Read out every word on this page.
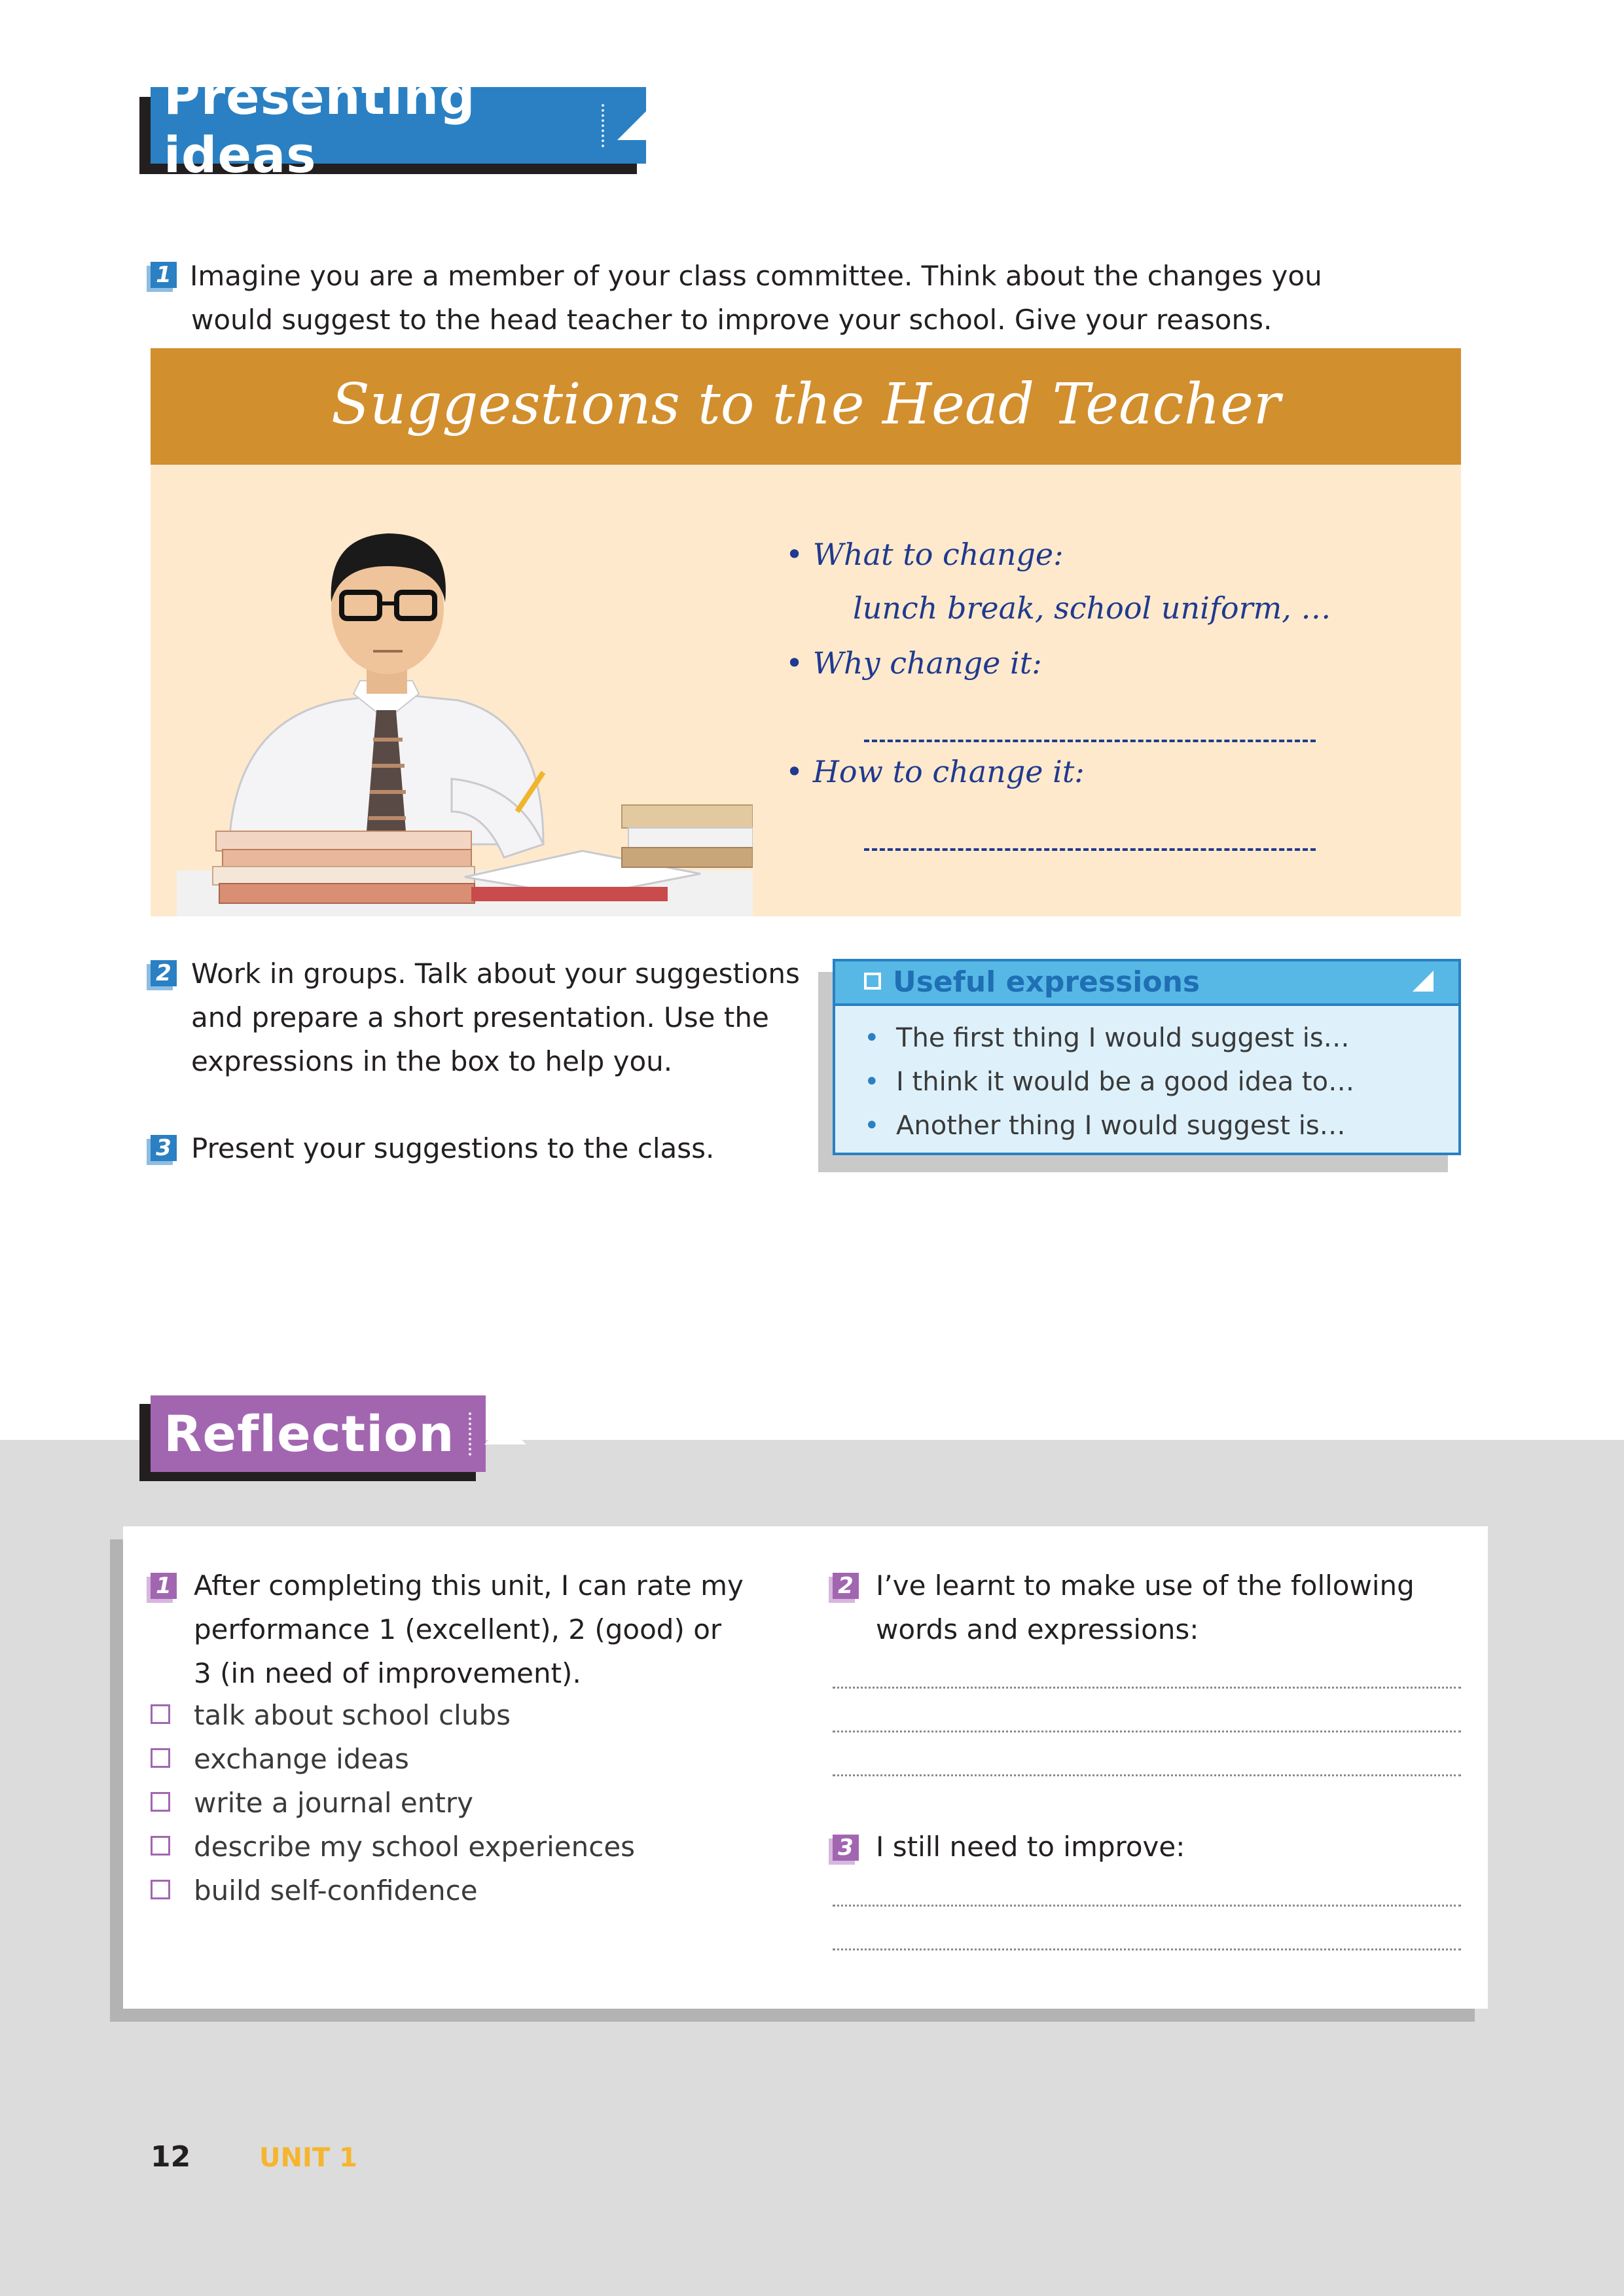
Presenting ideas
1 Imagine you are a member of your class committee. Think about the changes you
would suggest to the head teacher to improve your school. Give your reasons.
Suggestions to the Head Teacher
• What to change:
lunch break, school uniform, …
• Why change it:
• How to change it:
2 Work in groups. Talk about your suggestions
and prepare a short presentation. Use the
expressions in the box to help you.
3 Present your suggestions to the class.
Useful expressions
• The first thing I would suggest is…
• I think it would be a good idea to…
• Another thing I would suggest is…
Reflection
1 After completing this unit, I can rate my
performance 1 (excellent), 2 (good) or
3 (in need of improvement).
talk about school clubs
exchange ideas
write a journal entry
describe my school experiences
build self-confidence
2 I’ve learnt to make use of the following
words and expressions:
3 I still need to improve:
12	UNIT 1
